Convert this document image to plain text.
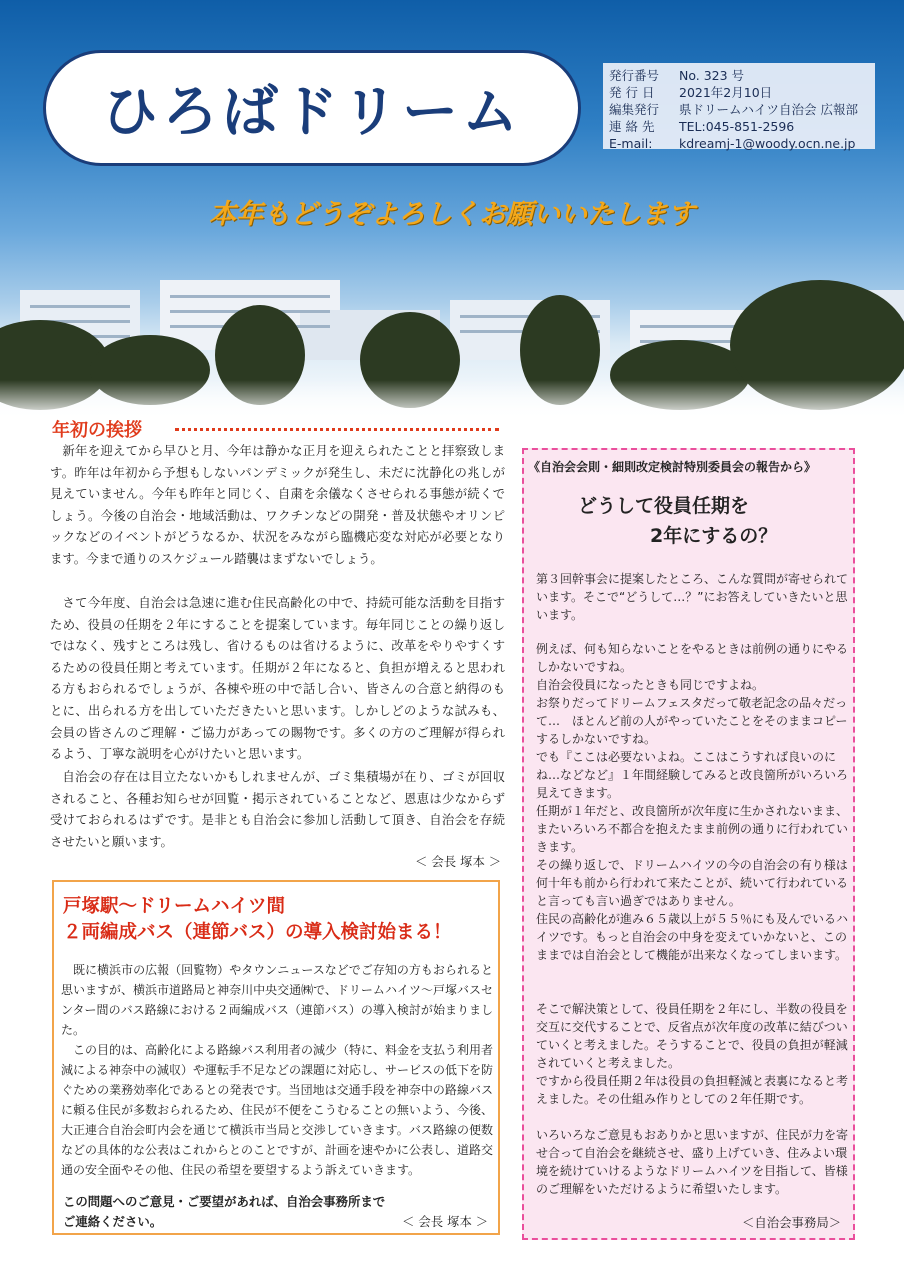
ひろばドリーム
発行番号 No. 323 号
発 行 日 2021年2月10日
編集発行 県ドリームハイツ自治会 広報部
連 絡 先 TEL:045-851-2596
E-mail: kdreamj-1@woody.ocn.ne.jp
本年もどうぞよろしくお願いいたします
年初の挨拶
新年を迎えてから早ひと月、今年は静かな正月を迎えられたことと拝察致します。昨年は年初から予想もしないパンデミックが発生し、未だに沈静化の兆しが見えていません。今年も昨年と同じく、自粛を余儀なくさせられる事態が続くでしょう。今後の自治会・地域活動は、ワクチンなどの開発・普及状態やオリンピックなどのイベントがどうなるか、状況をみながら臨機応変な対応が必要となります。今まで通りのスケジュール踏襲はまずないでしょう。
さて今年度、自治会は急速に進む住民高齢化の中で、持続可能な活動を目指すため、役員の任期を２年にすることを提案しています。毎年同じことの繰り返しではなく、残すところは残し、省けるものは省けるように、改革をやりやすくするための役員任期と考えています。任期が２年になると、負担が増えると思われる方もおられるでしょうが、各棟や班の中で話し合い、皆さんの合意と納得のもとに、出られる方を出していただきたいと思います。しかしどのような試みも、会員の皆さんのご理解・ご協力があっての賜物です。多くの方のご理解が得られるよう、丁寧な説明を心がけたいと思います。
自治会の存在は目立たないかもしれませんが、ゴミ集積場が在り、ゴミが回収されること、各種お知らせが回覧・掲示されていることなど、恩恵は少なからず受けておられるはずです。是非とも自治会に参加し活動して頂き、自治会を存続させたいと願います。
＜ 会長 塚本 ＞
戸塚駅～ドリームハイツ間
２両編成バス（連節バス）の導入検討始まる！
既に横浜市の広報（回覧物）やタウンニュースなどでご存知の方もおられると思いますが、横浜市道路局と神奈川中央交通㈱で、ドリームハイツ～戸塚バスセンター間のバス路線における２両編成バス（連節バス）の導入検討が始まりました。
この目的は、高齢化による路線バス利用者の減少（特に、料金を支払う利用者減による神奈中の減収）や運転手不足などの課題に対応し、サービスの低下を防ぐための業務効率化であるとの発表です。当団地は交通手段を神奈中の路線バスに頼る住民が多数おられるため、住民が不便をこうむることの無いよう、今後、大正連合自治会町内会を通じて横浜市当局と交渉していきます。バス路線の便数などの具体的な公表はこれからとのことですが、計画を速やかに公表し、道路交通の安全面やその他、住民の希望を要望するよう訴えていきます。
この問題へのご意見・ご要望があれば、自治会事務所まで
ご連絡ください。	＜ 会長 塚本 ＞
《自治会会則・細則改定検討特別委員会の報告から》
どうして役員任期を
2年にするの？
第３回幹事会に提案したところ、こんな質問が寄せられています。そこで“どうして…？”にお答えしていきたいと思います。
例えば、何も知らないことをやるときは前例の通りにやるしかないですね。
自治会役員になったときも同じですよね。
お祭りだってドリームフェスタだって敬老記念の品々だって…　ほとんど前の人がやっていたことをそのままコピーするしかないですね。
でも『ここは必要ないよね。ここはこうすれば良いのにね…などなど』１年間経験してみると改良箇所がいろいろ見えてきます。
任期が１年だと、改良箇所が次年度に生かされないまま、またいろいろ不都合を抱えたまま前例の通りに行われていきます。
その繰り返しで、ドリームハイツの今の自治会の有り様は何十年も前から行われて来たことが、続いて行われていると言っても言い過ぎではありません。
住民の高齢化が進み６５歳以上が５５％にも及んでいるハイツです。もっと自治会の中身を変えていかないと、このままでは自治会として機能が出来なくなってしまいます。
そこで解決策として、役員任期を２年にし、半数の役員を交互に交代することで、反省点が次年度の改革に結びついていくと考えました。そうすることで、役員の負担が軽減されていくと考えました。
ですから役員任期２年は役員の負担軽減と表裏になると考えました。その仕組み作りとしての２年任期です。
いろいろなご意見もおありかと思いますが、住民が力を寄せ合って自治会を継続させ、盛り上げていき、住みよい環境を続けていけるようなドリームハイツを目指して、皆様のご理解をいただけるように希望いたします。
＜自治会事務局＞
